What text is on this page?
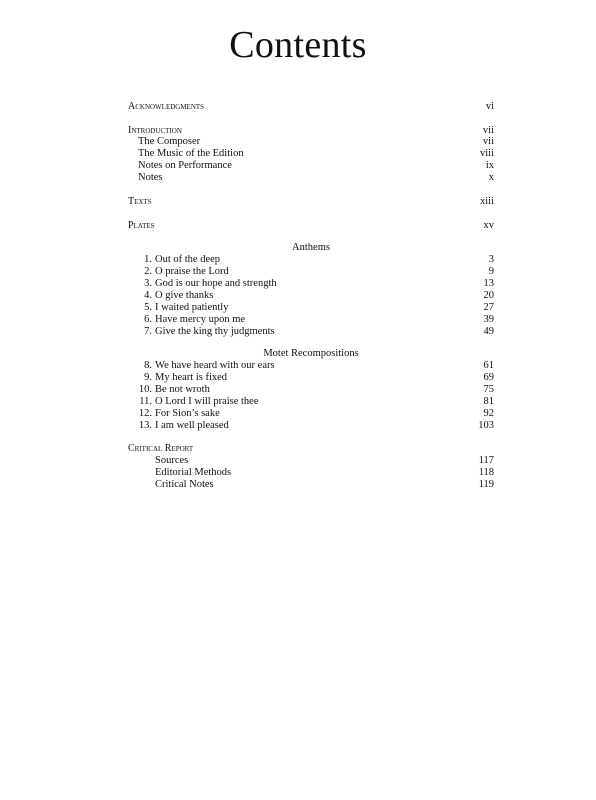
Contents
Acknowledgments	vi
Introduction	vii
The Composer	vii
The Music of the Edition	viii
Notes on Performance	ix
Notes	x
Texts	xiii
Plates	xv
Anthems
1. Out of the deep	3
2. O praise the Lord	9
3. God is our hope and strength	13
4. O give thanks	20
5. I waited patiently	27
6. Have mercy upon me	39
7. Give the king thy judgments	49
Motet Recompositions
8. We have heard with our ears	61
9. My heart is fixed	69
10. Be not wroth	75
11. O Lord I will praise thee	81
12. For Sion’s sake	92
13. I am well pleased	103
Critical Report
Sources	117
Editorial Methods	118
Critical Notes	119
